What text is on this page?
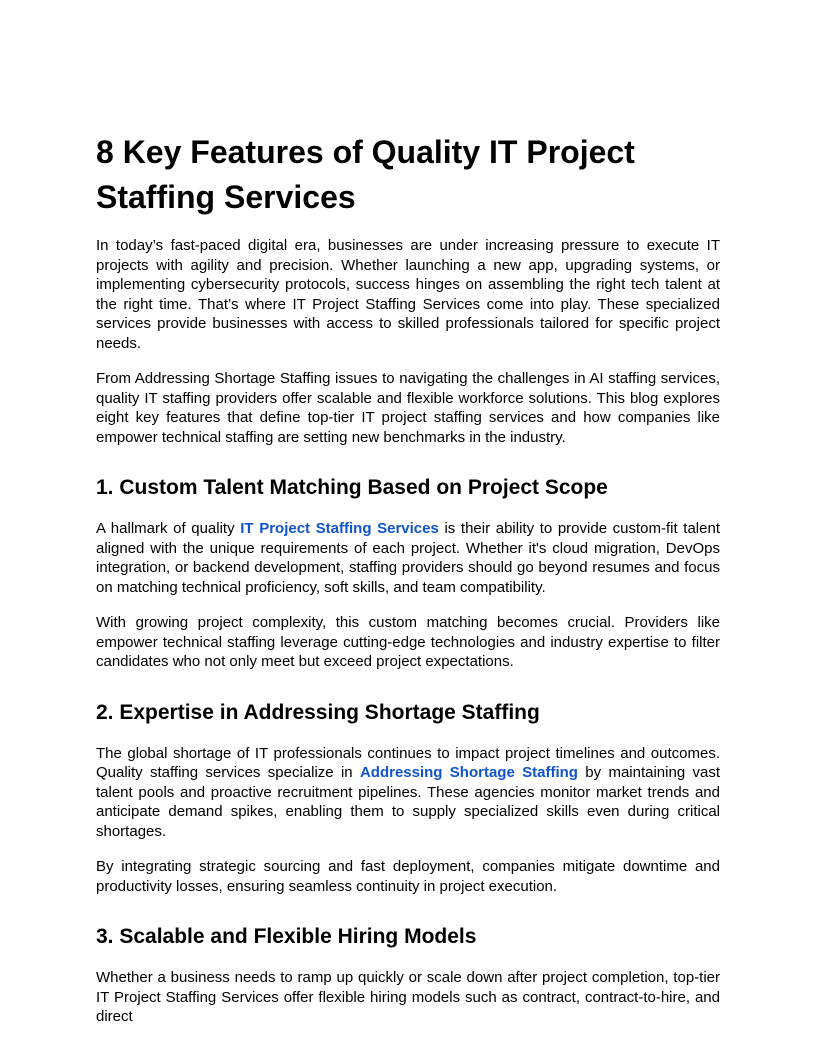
8 Key Features of Quality IT Project Staffing Services

In today’s fast-paced digital era, businesses are under increasing pressure to execute IT projects with agility and precision. Whether launching a new app, upgrading systems, or implementing cybersecurity protocols, success hinges on assembling the right tech talent at the right time. That’s where IT Project Staffing Services come into play. These specialized services provide businesses with access to skilled professionals tailored for specific project needs.

From Addressing Shortage Staffing issues to navigating the challenges in AI staffing services, quality IT staffing providers offer scalable and flexible workforce solutions. This blog explores eight key features that define top-tier IT project staffing services and how companies like empower technical staffing are setting new benchmarks in the industry.

1. Custom Talent Matching Based on Project Scope

A hallmark of quality IT Project Staffing Services is their ability to provide custom-fit talent aligned with the unique requirements of each project. Whether it's cloud migration, DevOps integration, or backend development, staffing providers should go beyond resumes and focus on matching technical proficiency, soft skills, and team compatibility.

With growing project complexity, this custom matching becomes crucial. Providers like empower technical staffing leverage cutting-edge technologies and industry expertise to filter candidates who not only meet but exceed project expectations.

2. Expertise in Addressing Shortage Staffing

The global shortage of IT professionals continues to impact project timelines and outcomes. Quality staffing services specialize in Addressing Shortage Staffing by maintaining vast talent pools and proactive recruitment pipelines. These agencies monitor market trends and anticipate demand spikes, enabling them to supply specialized skills even during critical shortages.

By integrating strategic sourcing and fast deployment, companies mitigate downtime and productivity losses, ensuring seamless continuity in project execution.

3. Scalable and Flexible Hiring Models

Whether a business needs to ramp up quickly or scale down after project completion, top-tier IT Project Staffing Services offer flexible hiring models such as contract, contract-to-hire, and direct
